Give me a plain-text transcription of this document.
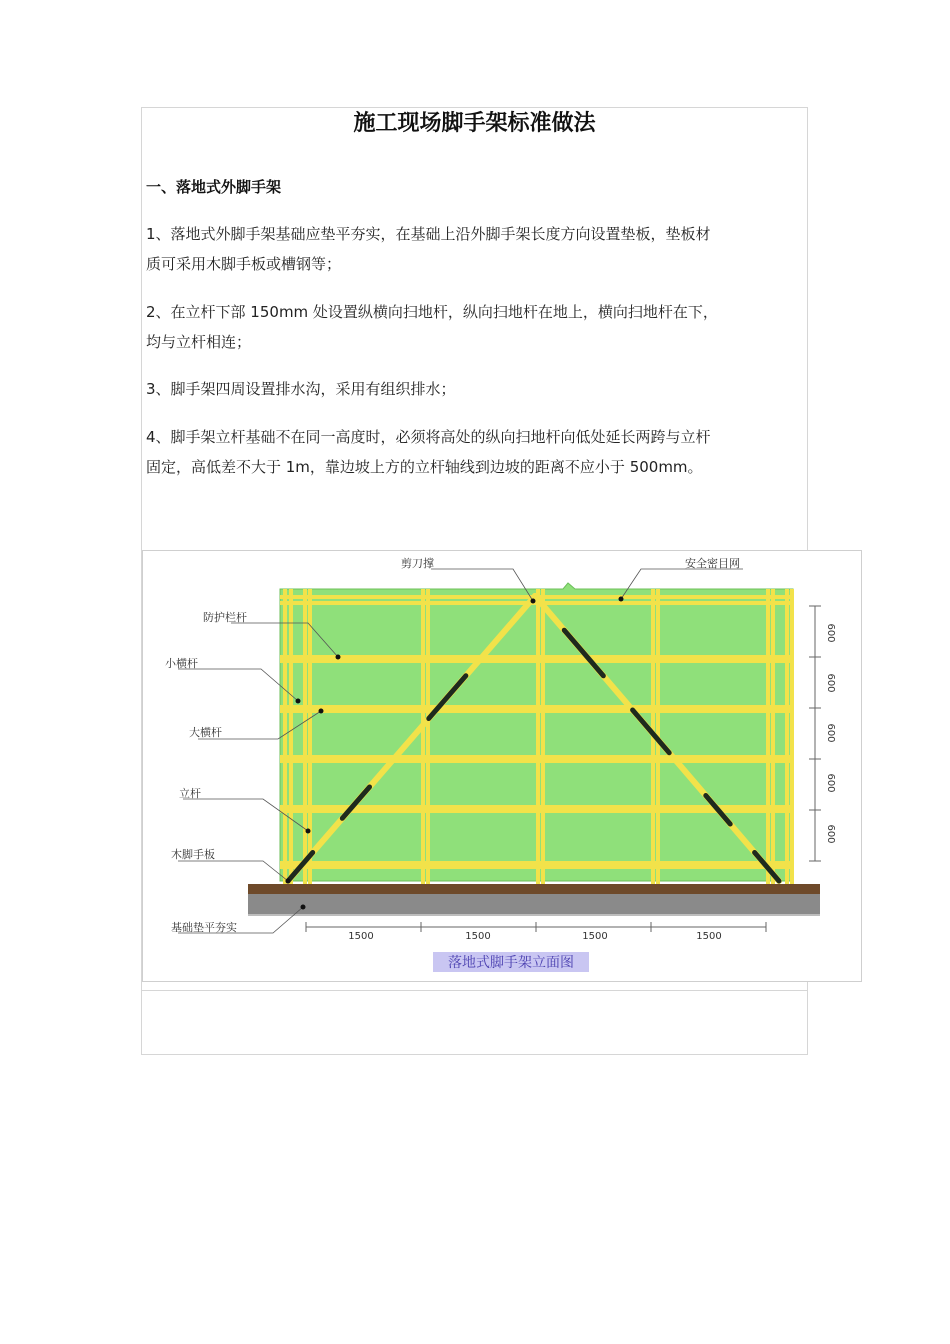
施工现场脚手架标准做法
一、落地式外脚手架
1、落地式外脚手架基础应垫平夯实，在基础上沿外脚手架长度方向设置垫板，垫板材
质可采用木脚手板或槽钢等；
2、在立杆下部 150mm 处设置纵横向扫地杆，纵向扫地杆在地上，横向扫地杆在下，
均与立杆相连；
3、脚手架四周设置排水沟，采用有组织排水；
4、脚手架立杆基础不在同一高度时，必须将高处的纵向扫地杆向低处延长两跨与立杆
固定，高低差不大于 1m，靠边坡上方的立杆轴线到边坡的距离不应小于 500mm。
600
600
600
600
600
1500	1500	1500	1500
剪刀撑	安全密目网
防护栏杆
小横杆
大横杆
立杆
木脚手板
基础垫平夯实
落地式脚手架立面图
